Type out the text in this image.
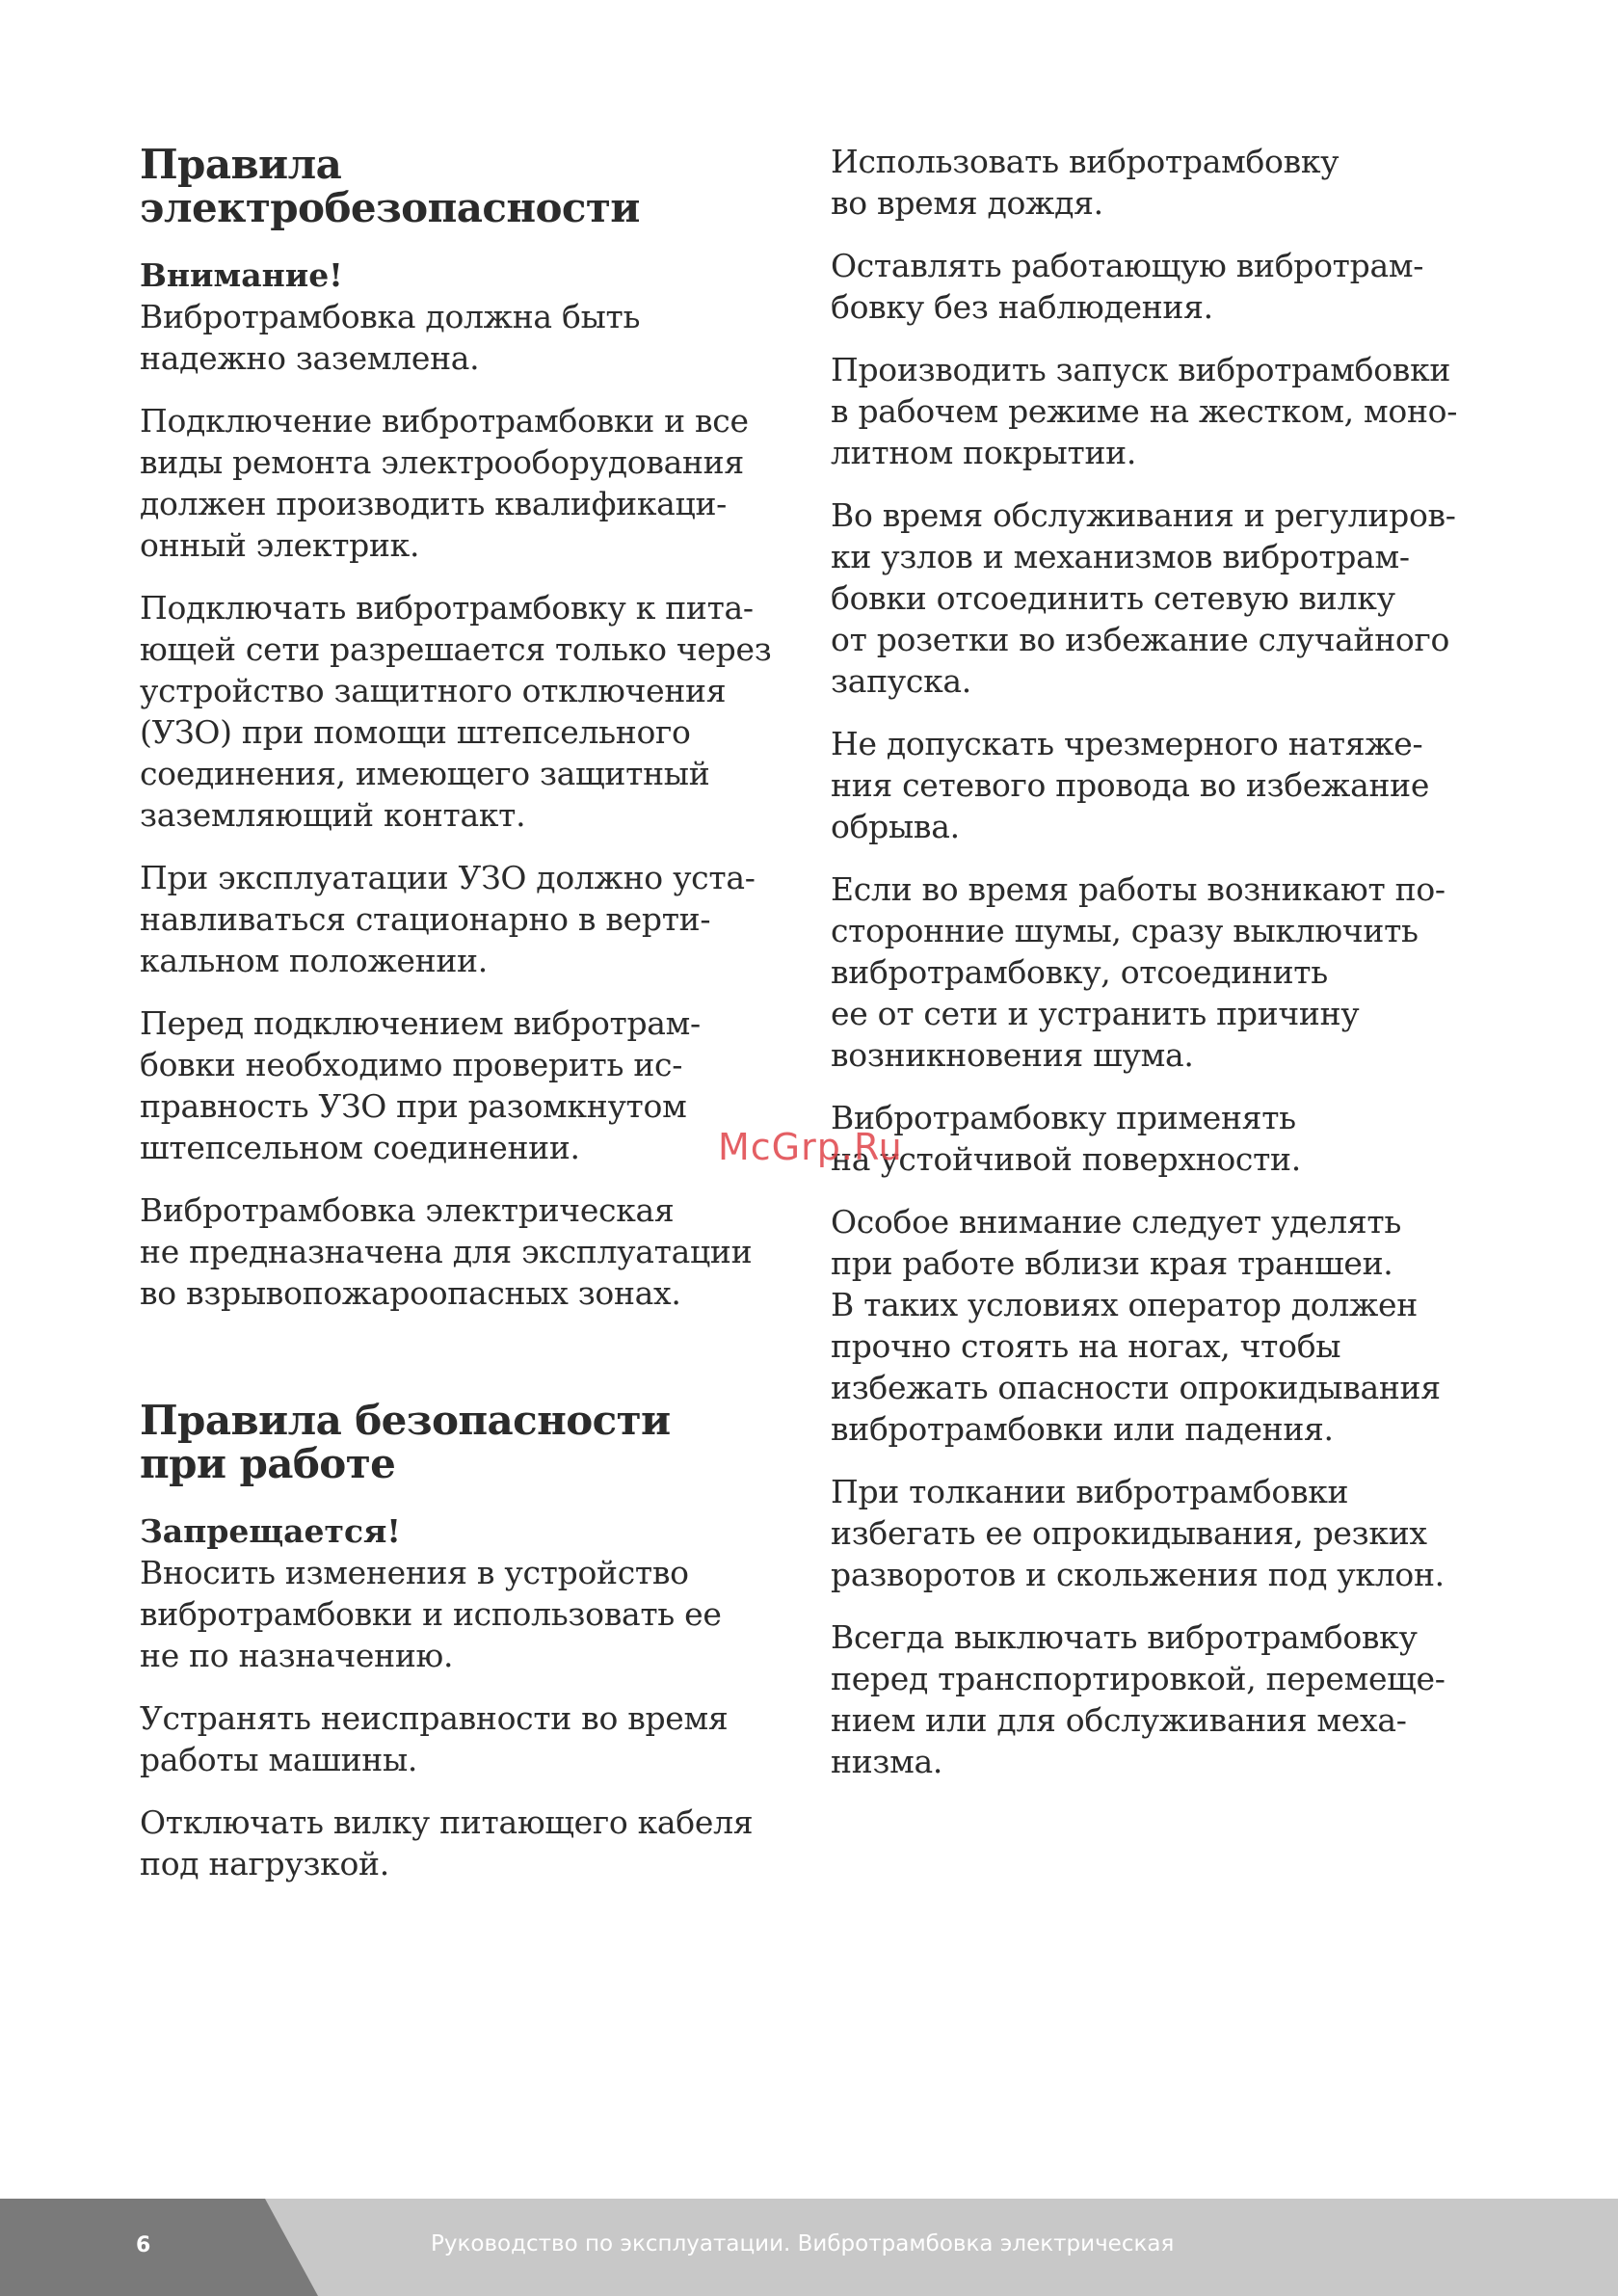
Правила электробезопасности
Внимание!

Вибротрамбовка должна быть
надежно заземлена.

Подключение вибротрамбовки и все
виды ремонта электрооборудования
должен производить квалификаци-
онный электрик.

Подключать вибротрамбовку к пита-
ющей сети разрешается только через
устройство защитного отключения
(УЗО) при помощи штепсельного
соединения, имеющего защитный
заземляющий контакт.

При эксплуатации УЗО должно уста-
навливаться стационарно в верти-
кальном положении.

Перед подключением вибротрам-
бовки необходимо проверить ис-
правность УЗО при разомкнутом
штепсельном соединении.

Вибротрамбовка электрическая
не предназначена для эксплуатации
во взрывопожароопасных зонах.

Правила безопасности
при работе
Запрещается!

Вносить изменения в устройство
вибротрамбовки и использовать ее
не по назначению.

Устранять неисправности во время
работы машины.

Отключать вилку питающего кабеля
под нагрузкой.

Использовать вибротрамбовку
во время дождя.

Оставлять работающую вибротрам-
бовку без наблюдения.

Производить запуск вибротрамбовки
в рабочем режиме на жестком, моно-
литном покрытии.

Во время обслуживания и регулиров-
ки узлов и механизмов вибротрам-
бовки отсоединить сетевую вилку
от розетки во избежание случайного
запуска.

Не допускать чрезмерного натяже-
ния сетевого провода во избежание
обрыва.

Если во время работы возникают по-
сторонние шумы, сразу выключить
вибротрамбовку, отсоединить
ее от сети и устранить причину
возникновения шума.

Вибротрамбовку применять
на устойчивой поверхности.

Особое внимание следует уделять
при работе вблизи края траншеи.
В таких условиях оператор должен
прочно стоять на ногах, чтобы
избежать опасности опрокидывания
вибротрамбовки или падения.

При толкании вибротрамбовки
избегать ее опрокидывания, резких
разворотов и скольжения под уклон.

Всегда выключать вибротрамбовку
перед транспортировкой, перемеще-
нием или для обслуживания меха-
низма.

McGrp.Ru
6	Руководство по эксплуатации. Вибротрамбовка электрическая
